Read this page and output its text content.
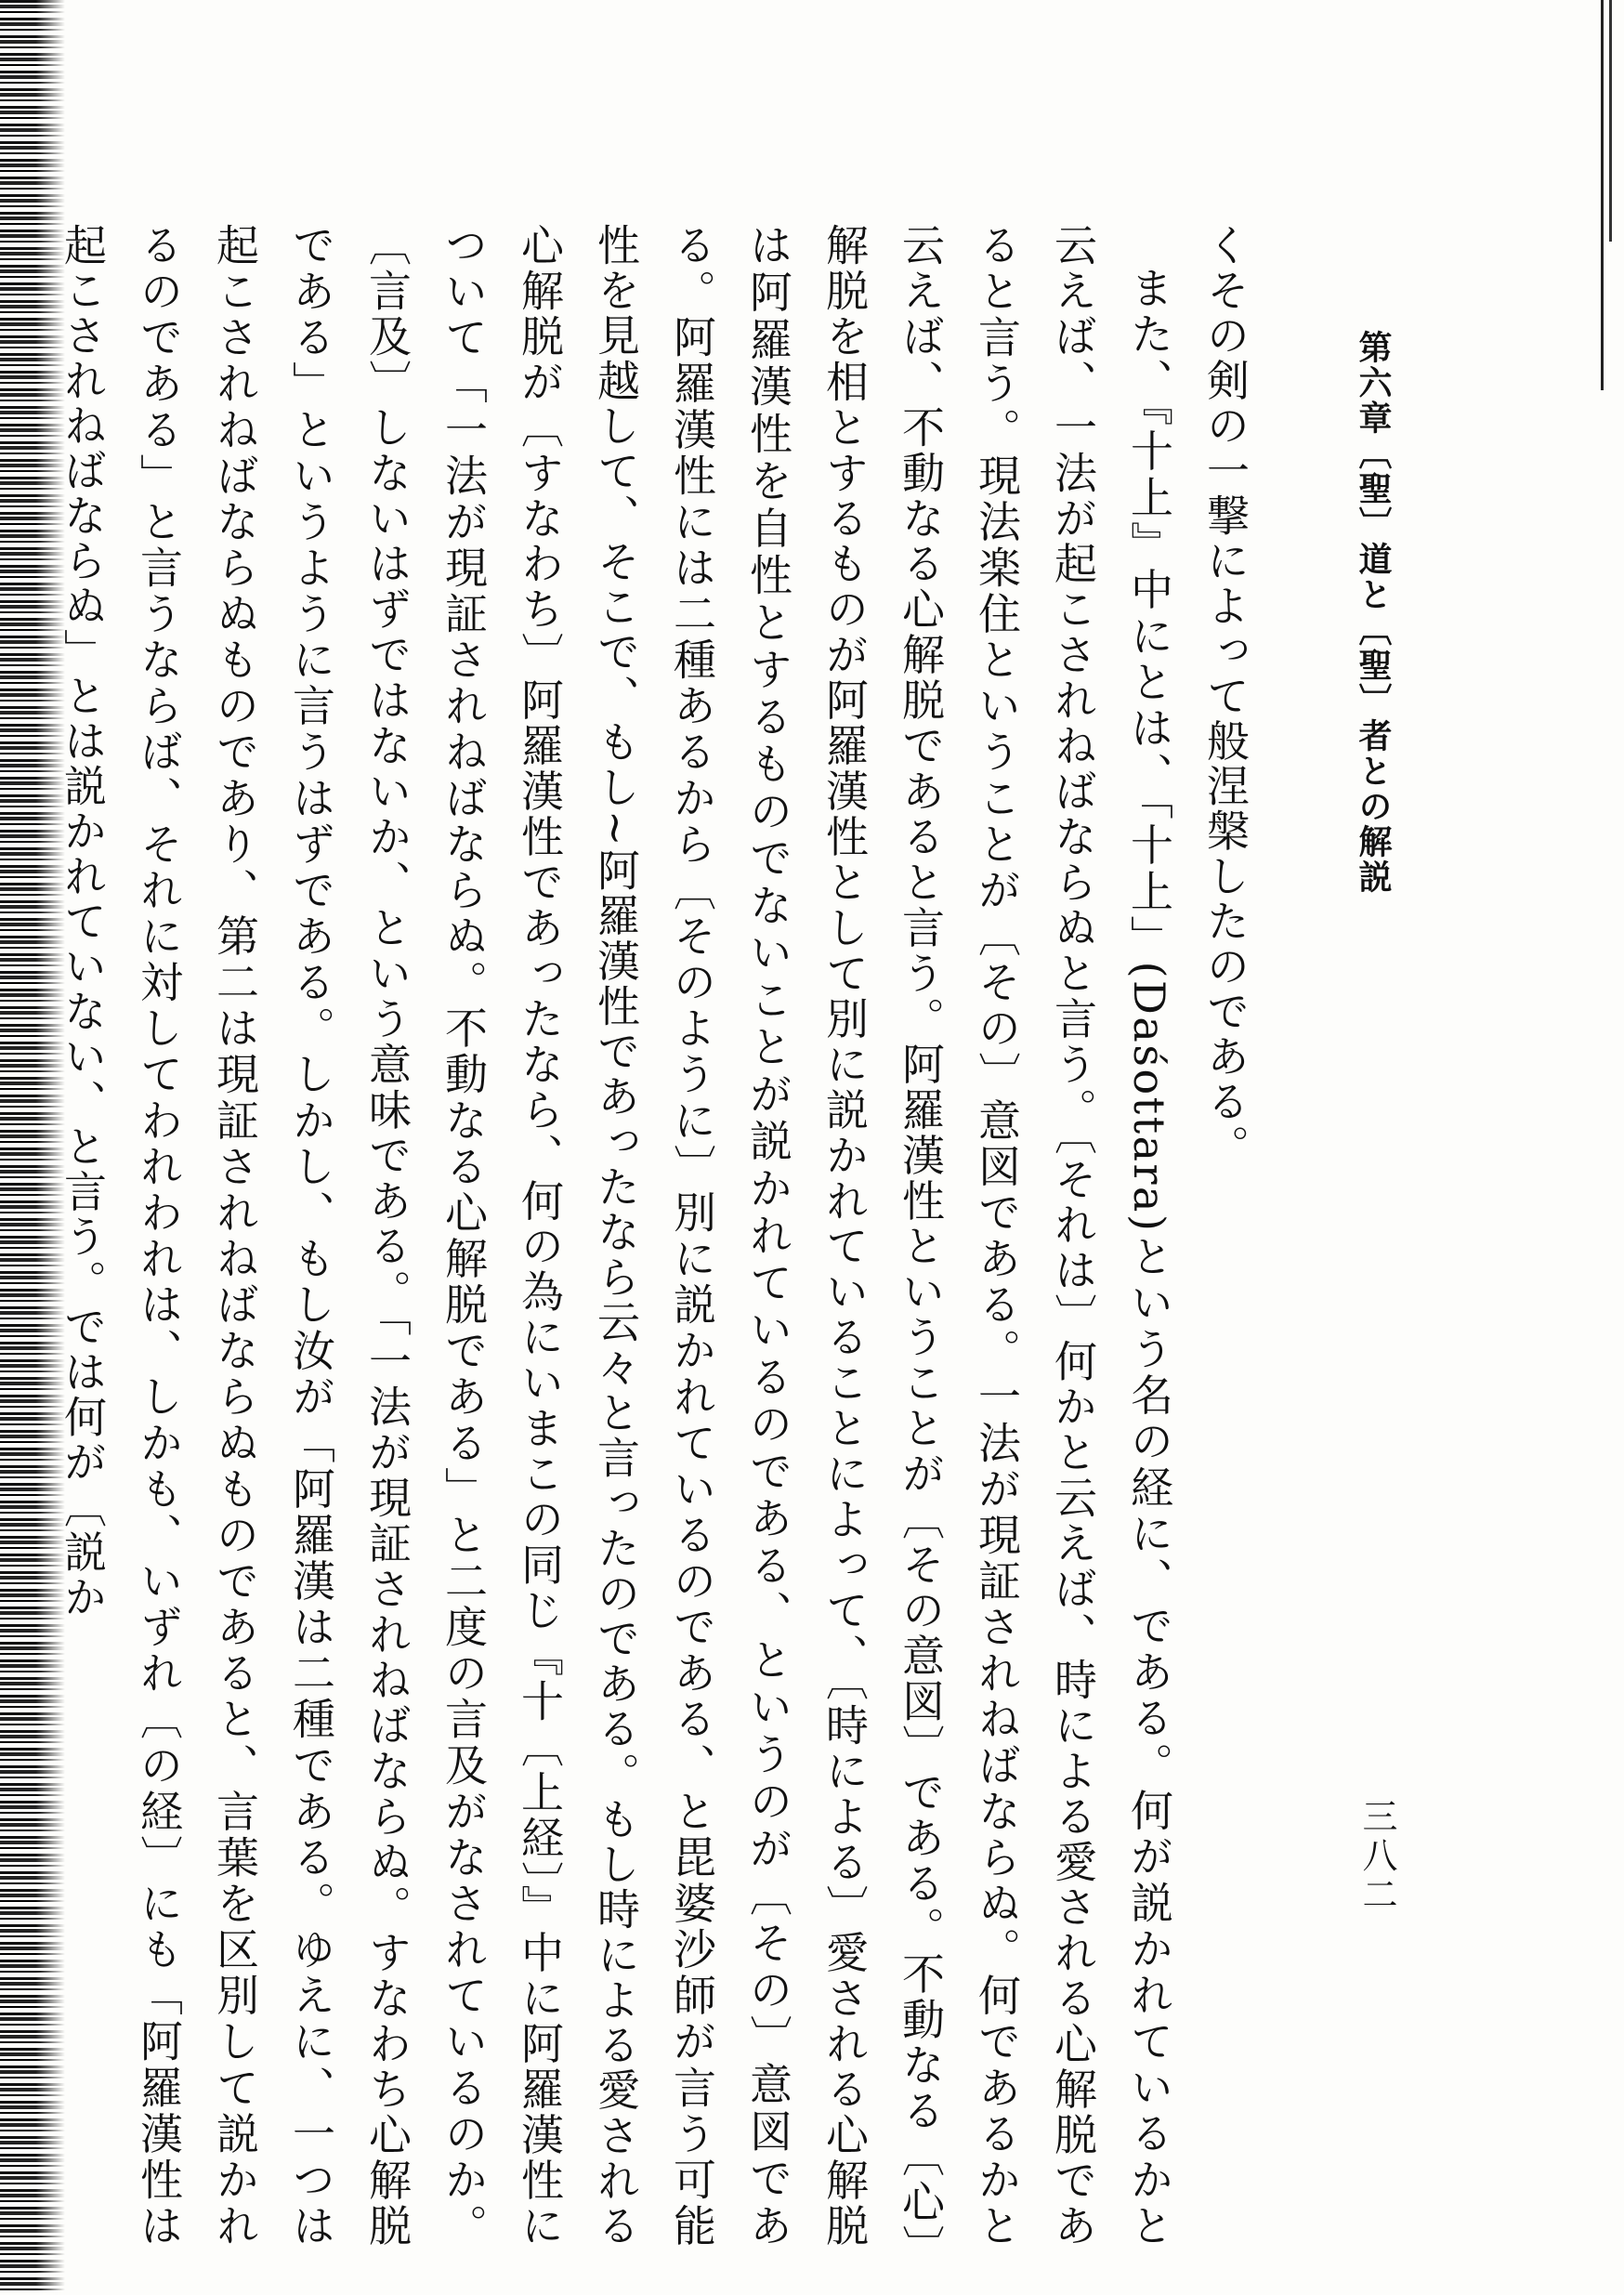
第六章〔聖〕道と〔聖〕者との解説
三八二

くその剣の一撃によって般涅槃したのである。

また、『十上』中にとは、「十上」(Daśottara)という名の経に、である。何が説かれているかと云えば、一法が起こされねばならぬと言う。〔それは〕何かと云えば、時による愛される心解脱であると言う。現法楽住ということが〔その〕意図である。一法が現証されねばならぬ。何であるかと云えば、不動なる心解脱であると言う。阿羅漢性ということが〔その意図〕である。不動なる〔心〕解脱を相とするものが阿羅漢性として別に説かれていることによって、〔時による〕愛される心解脱は阿羅漢性を自性とするものでないことが説かれているのである、というのが〔その〕意図である。阿羅漢性には二種あるから〔そのように〕別に説かれているのである、と毘婆沙師が言う可能性を見越して、そこで、もし~阿羅漢性であったなら云々と言ったのである。もし時による愛される心解脱が〔すなわち〕阿羅漢性であったなら、何の為にいまこの同じ『十〔上経〕』中に阿羅漢性について「一法が現証されねばならぬ。不動なる心解脱である」と二度の言及がなされているのか。〔言及〕しないはずではないか、という意味である。「一法が現証されねばならぬ。すなわち心解脱である」というように言うはずである。しかし、もし汝が「阿羅漢は二種である。ゆえに、一つは起こされねばならぬものであり、第二は現証されねばならぬものであると、言葉を区別して説かれるのである」と言うならば、それに対してわれわれは、しかも、いずれ〔の経〕にも「阿羅漢性は起こされねばならぬ」とは説かれていない、と言う。では何が〔説か
